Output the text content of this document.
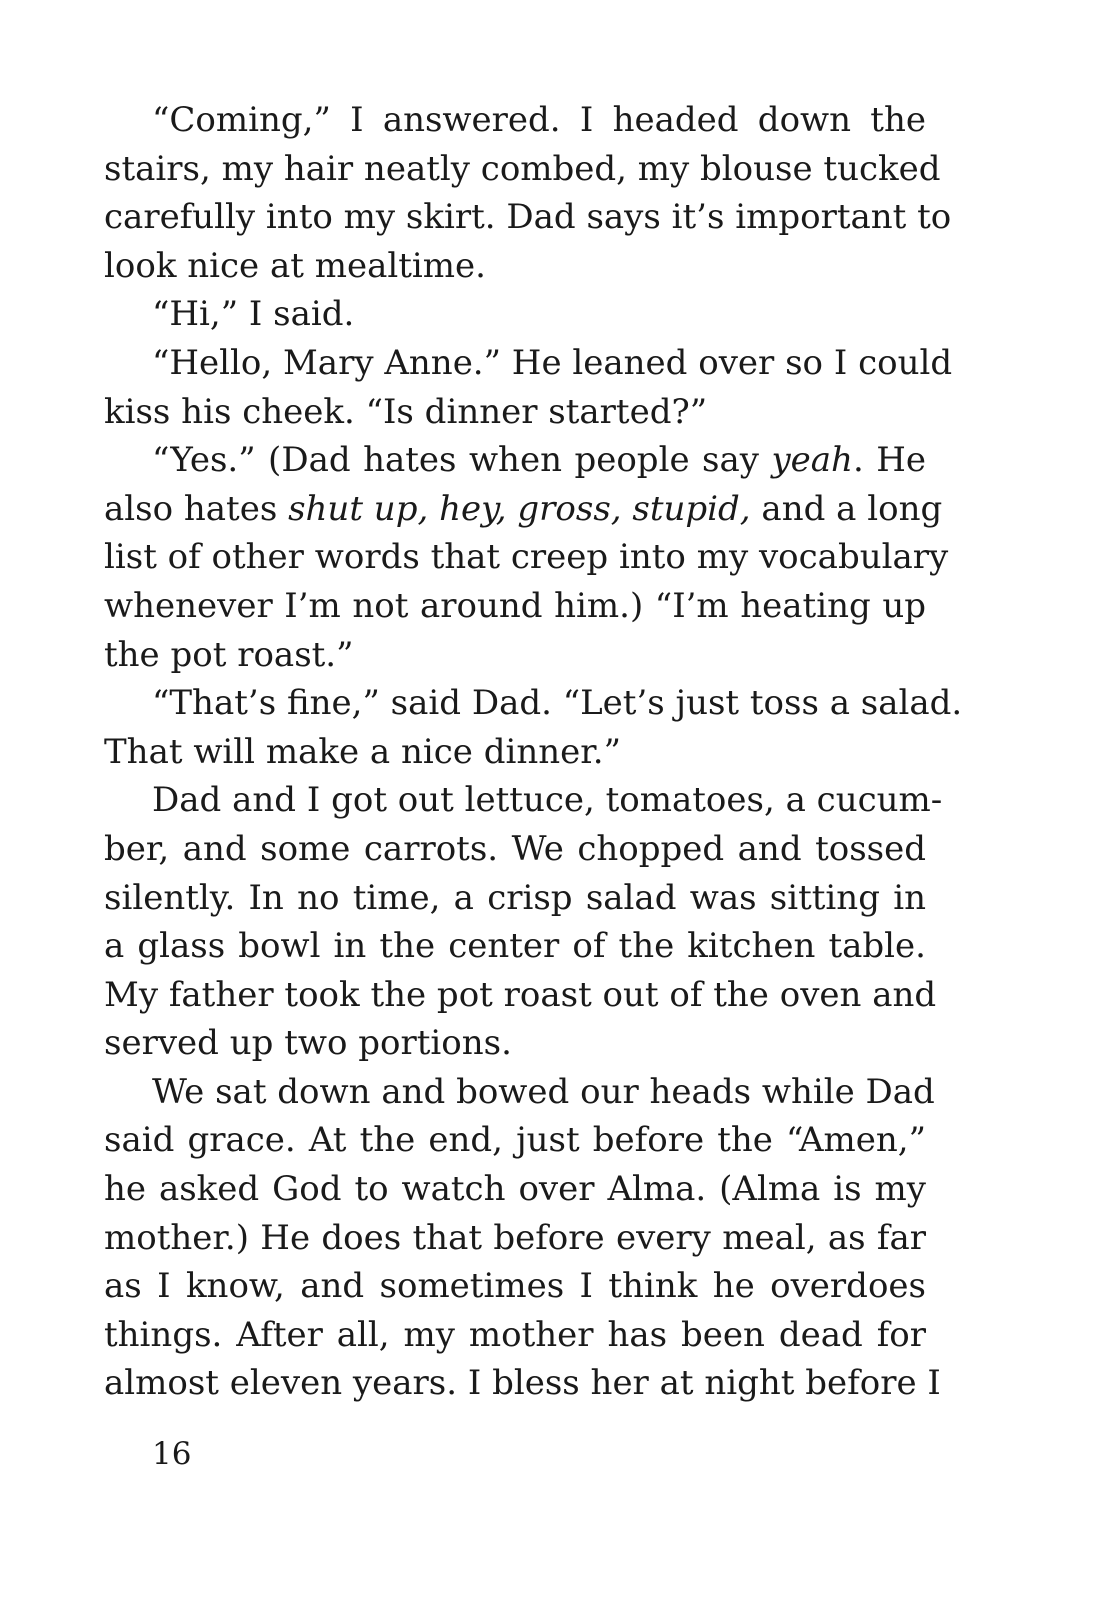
“Coming,” I answered. I headed down the
stairs, my hair neatly combed, my blouse tucked
carefully into my skirt. Dad says it’s important to
look nice at mealtime.
“Hi,” I said.
“Hello, Mary Anne.” He leaned over so I could
kiss his cheek. “Is dinner started?”
“Yes.” (Dad hates when people say yeah. He
also hates shut up, hey, gross, stupid, and a long
list of other words that creep into my vocabulary
whenever I’m not around him.) “I’m heating up
the pot roast.”
“That’s fine,” said Dad. “Let’s just toss a salad.
That will make a nice dinner.”
Dad and I got out lettuce, tomatoes, a cucum-
ber, and some carrots. We chopped and tossed
silently. In no time, a crisp salad was sitting in
a glass bowl in the center of the kitchen table.
My father took the pot roast out of the oven and
served up two portions.
We sat down and bowed our heads while Dad
said grace. At the end, just before the “Amen,”
he asked God to watch over Alma. (Alma is my
mother.) He does that before every meal, as far
as I know, and sometimes I think he overdoes
things. After all, my mother has been dead for
almost eleven years. I bless her at night before I
16
